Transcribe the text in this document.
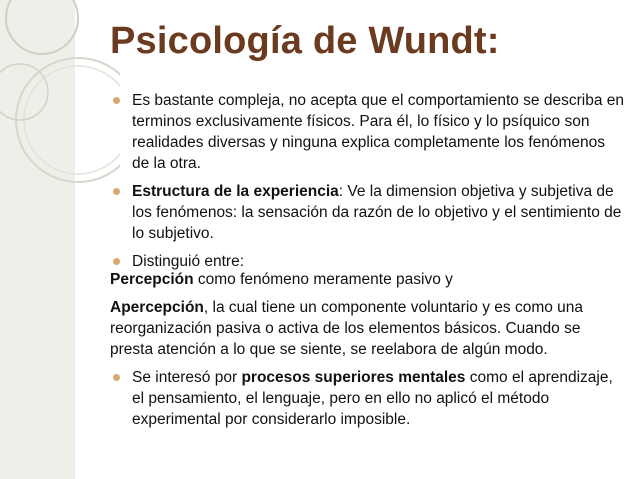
Psicología de Wundt:
Es bastante compleja, no acepta que el comportamiento se describa en terminos exclusivamente físicos. Para él, lo físico y lo psíquico son realidades diversas y ninguna explica completamente los fenómenos de la otra.
Estructura de la experiencia: Ve la dimension objetiva y subjetiva de los fenómenos: la sensación da razón de lo objetivo y el sentimiento de lo subjetivo.
Distinguió entre:
Percepción como fenómeno meramente pasivo y
Apercepción, la cual tiene un componente voluntario y es como una reorganización pasiva o activa de los elementos básicos. Cuando se presta atención a lo que se siente, se reelabora de algún modo.
Se interesó por procesos superiores mentales como el aprendizaje, el pensamiento, el lenguaje, pero en ello no aplicó el método experimental por considerarlo imposible.
